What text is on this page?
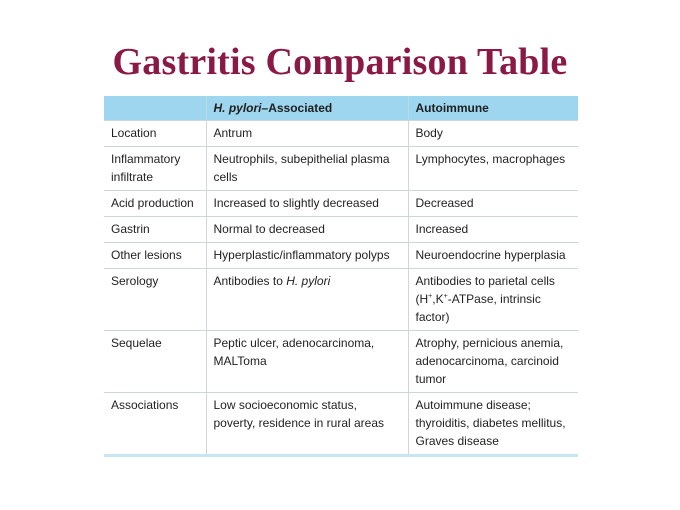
Gastritis Comparison Table
	H. pylori–Associated	Autoimmune
Location	Antrum	Body
Inflammatory infiltrate	Neutrophils, subepithelial plasma cells	Lymphocytes, macrophages
Acid production	Increased to slightly decreased	Decreased
Gastrin	Normal to decreased	Increased
Other lesions	Hyperplastic/inflammatory polyps	Neuroendocrine hyperplasia
Serology	Antibodies to H. pylori	Antibodies to parietal cells (H+,K+-ATPase, intrinsic factor)
Sequelae	Peptic ulcer, adenocarcinoma, MALToma	Atrophy, pernicious anemia, adenocarcinoma, carcinoid tumor
Associations	Low socioeconomic status, poverty, residence in rural areas	Autoimmune disease; thyroiditis, diabetes mellitus, Graves disease
